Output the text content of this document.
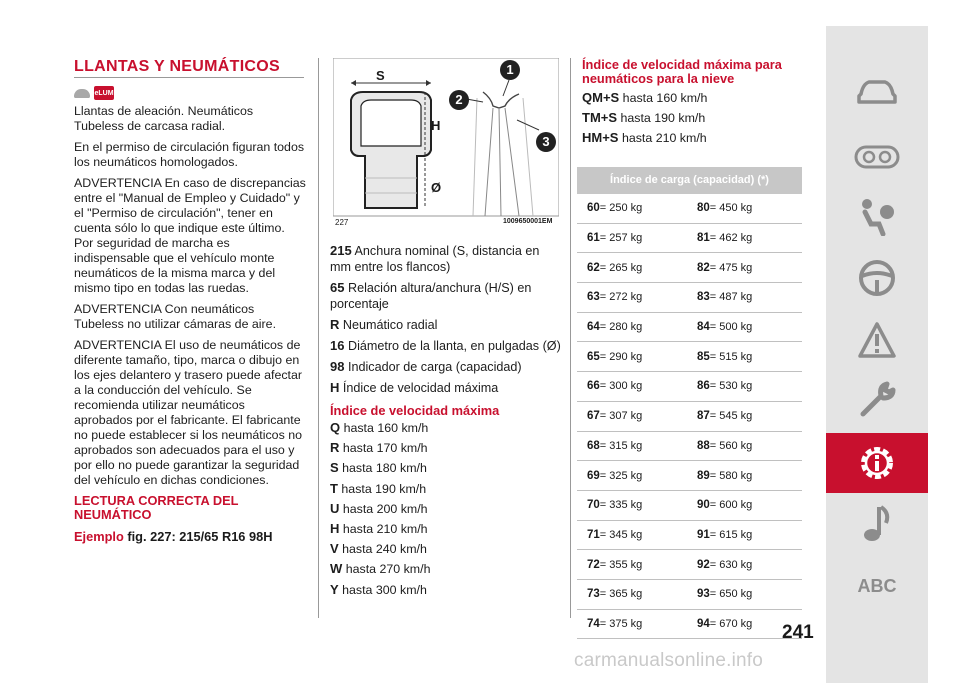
LLANTAS Y NEUMÁTICOS
eLUM

Llantas de aleación. Neumáticos Tubeless de carcasa radial.

En el permiso de circulación figuran todos los neumáticos homologados.

ADVERTENCIA En caso de discrepancias entre el "Manual de Empleo y Cuidado" y el "Permiso de circulación", tener en cuenta sólo lo que indique este último. Por seguridad de marcha es indispensable que el vehículo monte neumáticos de la misma marca y del mismo tipo en todas las ruedas.

ADVERTENCIA Con neumáticos Tubeless no utilizar cámaras de aire.

ADVERTENCIA El uso de neumáticos de diferente tamaño, tipo, marca o dibujo en los ejes delantero y trasero puede afectar a la conducción del vehículo. Se recomienda utilizar neumáticos aprobados por el fabricante. El fabricante no puede establecer si los neumáticos no aprobados son adecuados para el uso y por ello no puede garantizar la seguridad del vehículo en dichas condiciones.

LECTURA CORRECTA DEL NEUMÁTICO

Ejemplo fig. 227: 215/65 R16 98H

S
H
Ø
1
2
3
227	1009650001EM

215 Anchura nominal (S, distancia en mm entre los flancos)

65 Relación altura/anchura (H/S) en porcentaje

R Neumático radial

16 Diámetro de la llanta, en pulgadas (Ø)

98 Indicador de carga (capacidad)

H Índice de velocidad máxima

Índice de velocidad máxima

Q hasta 160 km/h

R hasta 170 km/h

S hasta 180 km/h

T hasta 190 km/h

U hasta 200 km/h

H hasta 210 km/h

V hasta 240 km/h

W hasta 270 km/h

Y hasta 300 km/h

Índice de velocidad máxima para

neumáticos para la nieve

QM+S hasta 160 km/h

TM+S hasta 190 km/h

HM+S hasta 210 km/h

Índice de carga (capacidad) (*)
60= 250 kg	80= 450 kg
61= 257 kg	81= 462 kg
62= 265 kg	82= 475 kg
63= 272 kg	83= 487 kg
64= 280 kg	84= 500 kg
65= 290 kg	85= 515 kg
66= 300 kg	86= 530 kg
67= 307 kg	87= 545 kg
68= 315 kg	88= 560 kg
69= 325 kg	89= 580 kg
70= 335 kg	90= 600 kg
71= 345 kg	91= 615 kg
72= 355 kg	92= 630 kg
73= 365 kg	93= 650 kg
74= 375 kg	94= 670 kg	241
carmanualsonline.info
ABC
